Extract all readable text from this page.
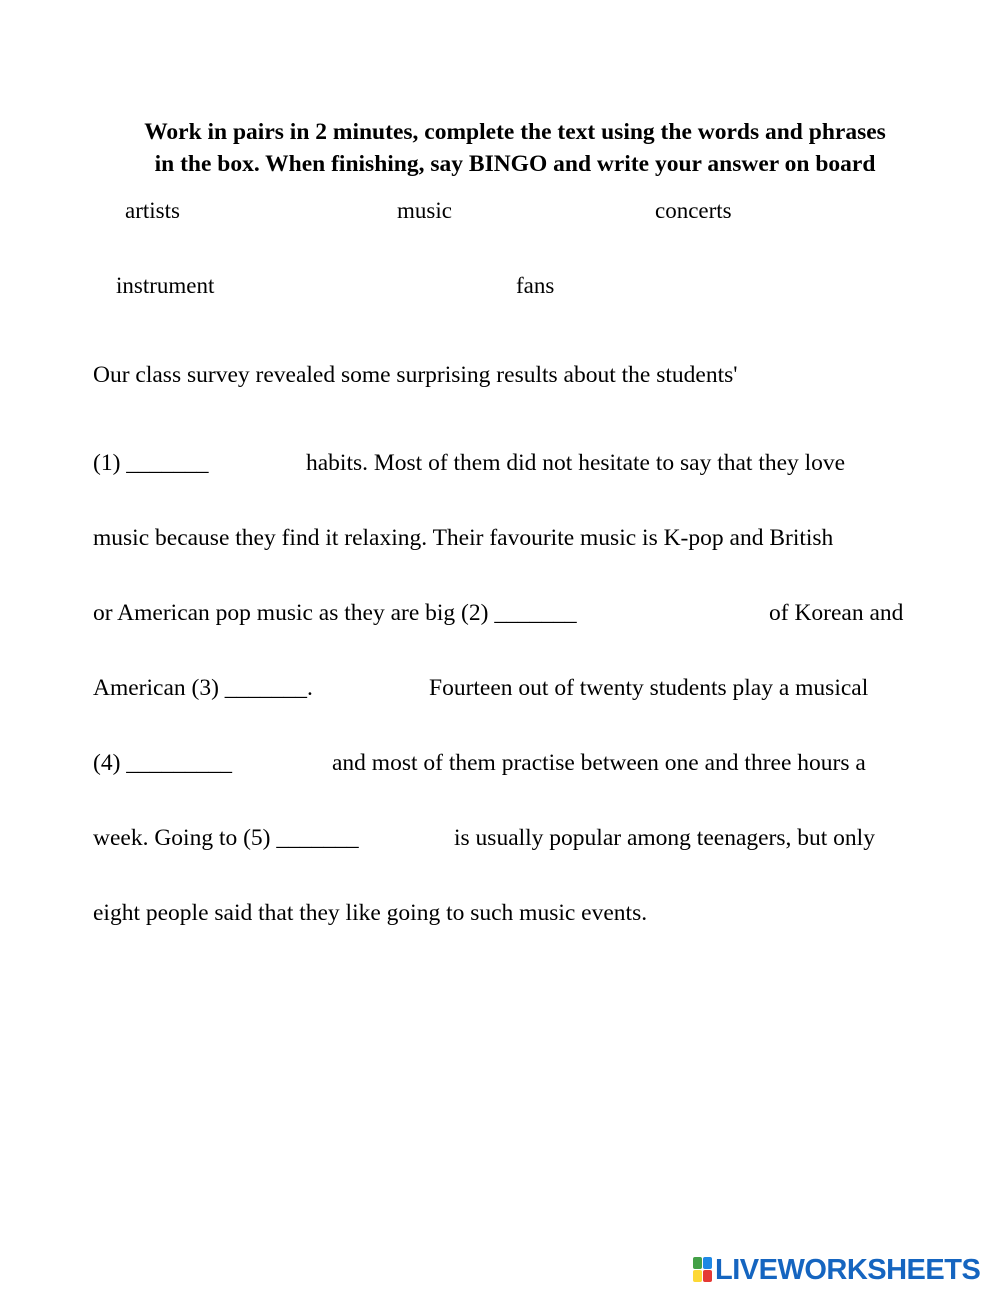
Work in pairs in 2 minutes, complete the text using the words and phrases
in the box. When finishing, say BINGO and write your answer on board
artists	music	concerts
instrument	fans
Our class survey revealed some surprising results about the students'
(1) _______	habits. Most of them did not hesitate to say that they love
music because they find it relaxing. Their favourite music is K-pop and British
or American pop music as they are big (2) _______	of Korean and
American (3) _______.	Fourteen out of twenty students play a musical
(4) _________	and most of them practise between one and three hours a
week. Going to (5) _______	is usually popular among teenagers, but only
eight people said that they like going to such music events.
LIVEWORKSHEETS
